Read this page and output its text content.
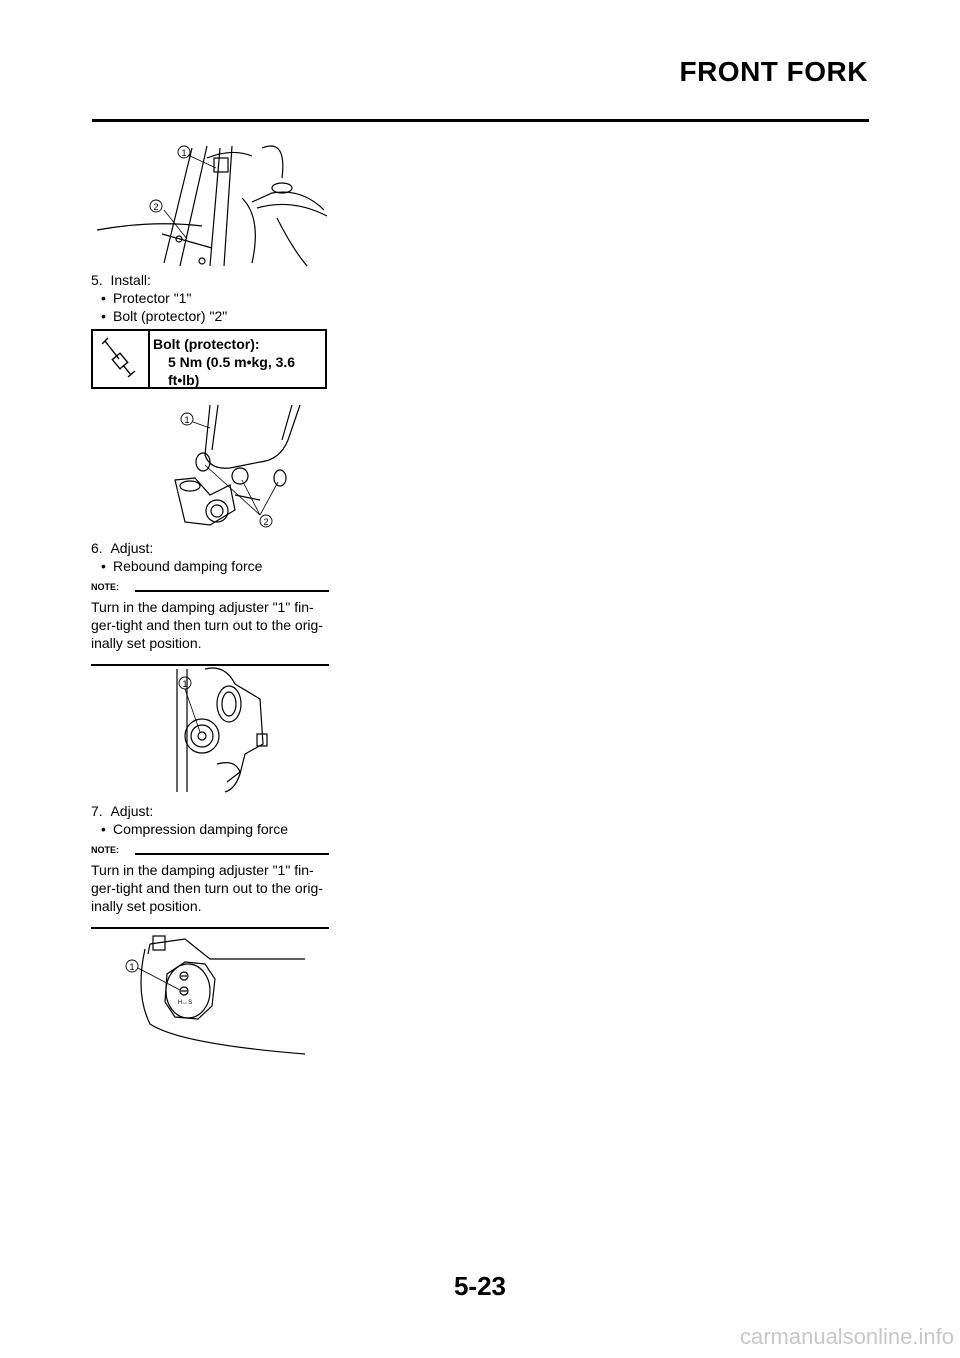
FRONT FORK
1
2
5. Install:
• Protector "1"
• Bolt (protector) "2"
Bolt (protector):
5 Nm (0.5 m•kg, 3.6 ft•lb)
1
2
6. Adjust:
• Rebound damping force
NOTE:
Turn in the damping adjuster "1" fin-
ger-tight and then turn out to the orig-
inally set position.
1
7. Adjust:
• Compression damping force
NOTE:
Turn in the damping adjuster "1" fin-
ger-tight and then turn out to the orig-
inally set position.
1
H↔S
5-23
carmanualsonline.info
